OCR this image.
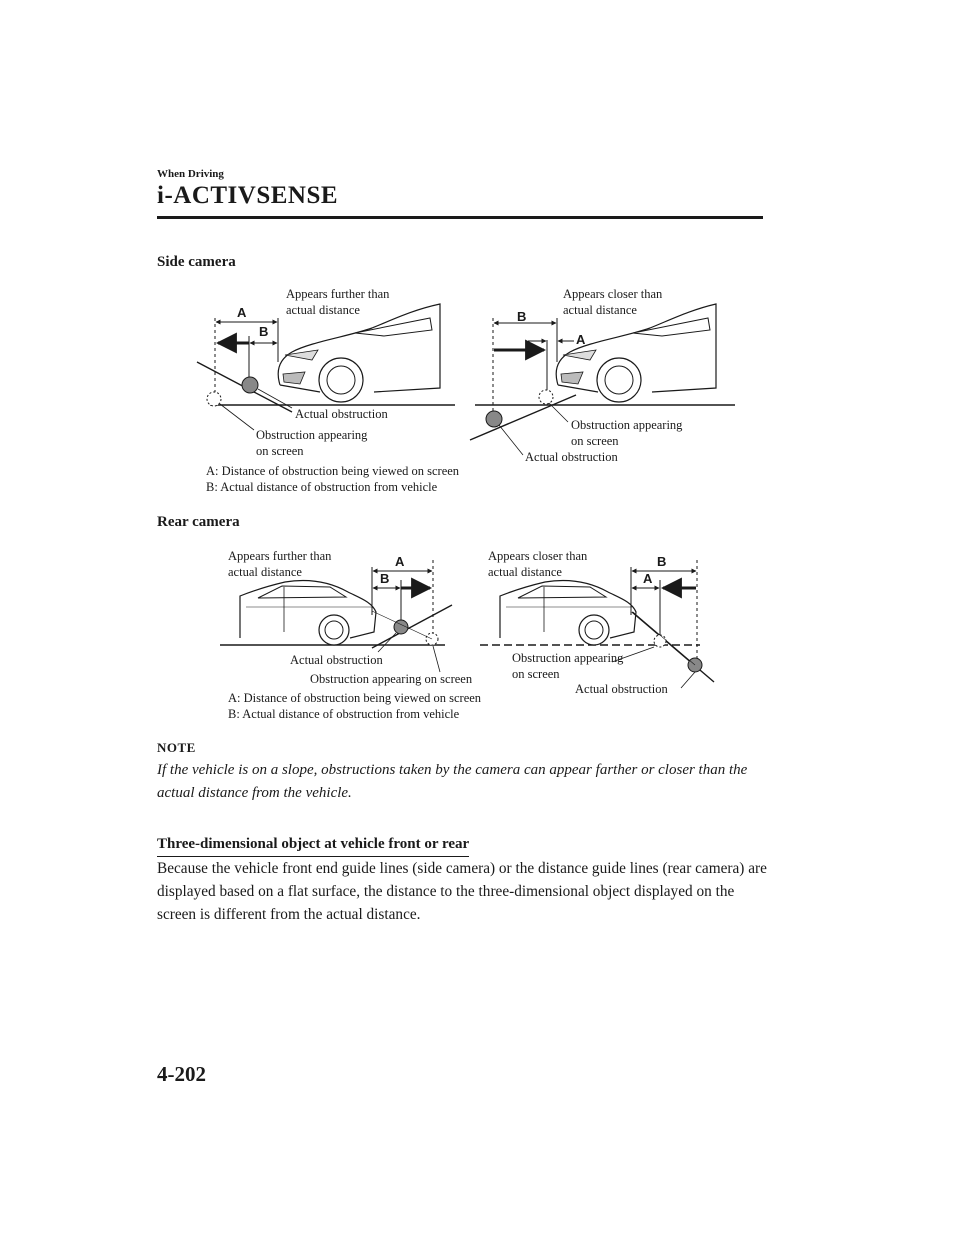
When Driving
i-ACTIVSENSE
Side camera
Rear camera
Appears further than
actual distance
A
B
Actual obstruction
Obstruction appearing
on screen
Appears closer than
actual distance
B
A
Obstruction appearing
on screen
Actual obstruction
A: Distance of obstruction being viewed on screen
B: Actual distance of obstruction from vehicle
Appears further than
actual distance
A
B
Actual obstruction
Obstruction appearing on screen
Appears closer than
actual distance
B
A
Obstruction appearing
on screen
Actual obstruction
A: Distance of obstruction being viewed on screen
B: Actual distance of obstruction from vehicle
NOTE
If the vehicle is on a slope, obstructions taken by the camera can appear farther or closer than the actual distance from the vehicle.
Three-dimensional object at vehicle front or rear
Because the vehicle front end guide lines (side camera) or the distance guide lines (rear camera) are displayed based on a flat surface, the distance to the three-dimensional object displayed on the screen is different from the actual distance.
4-202
